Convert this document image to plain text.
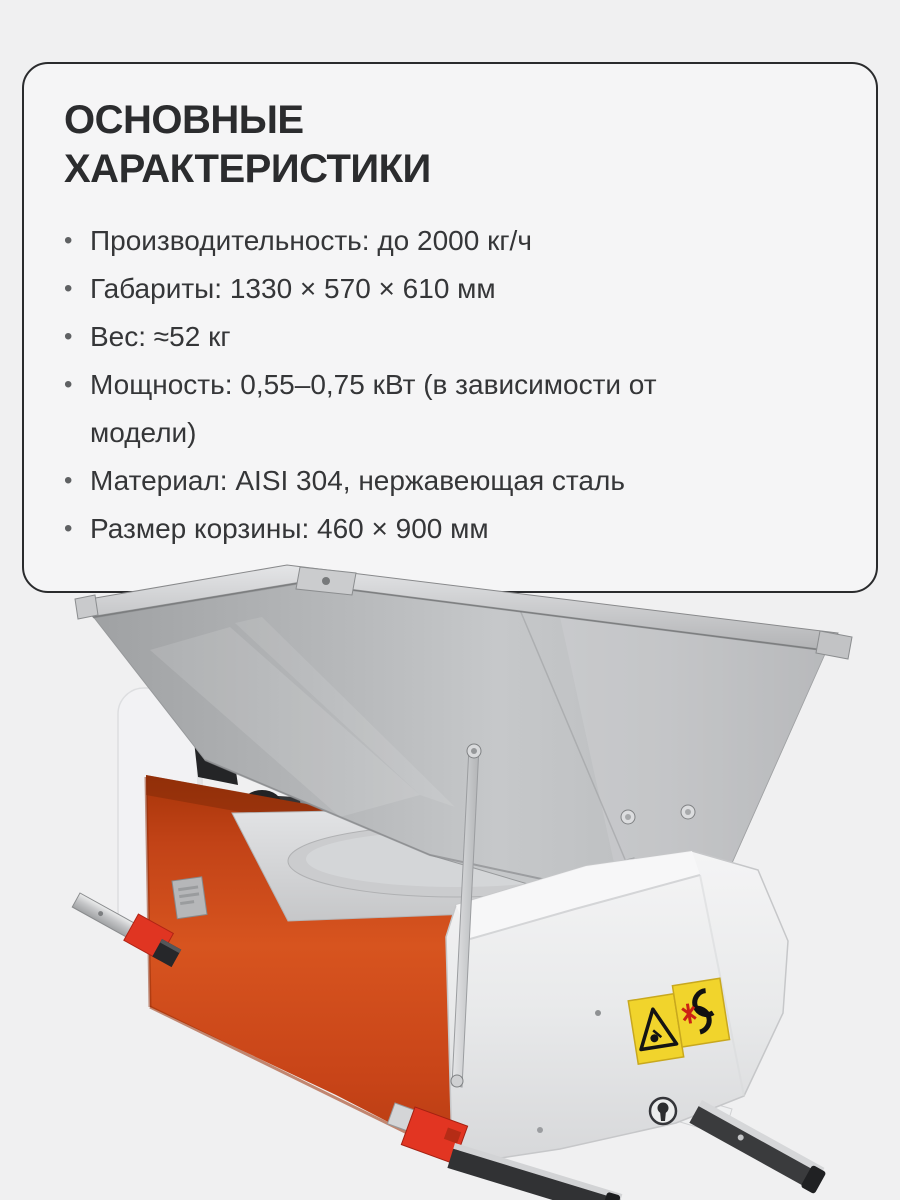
ОСНОВНЫЕ
ХАРАКТЕРИСТИКИ
• Производительность: до 2000 кг/ч
• Габариты: 1330 × 570 × 610 мм
• Вес: ≈52 кг
• Мощность: 0,55–0,75 кВт (в зависимости от модели)
• Материал: AISI 304, нержавеющая сталь
• Размер корзины: 460 × 900 мм
